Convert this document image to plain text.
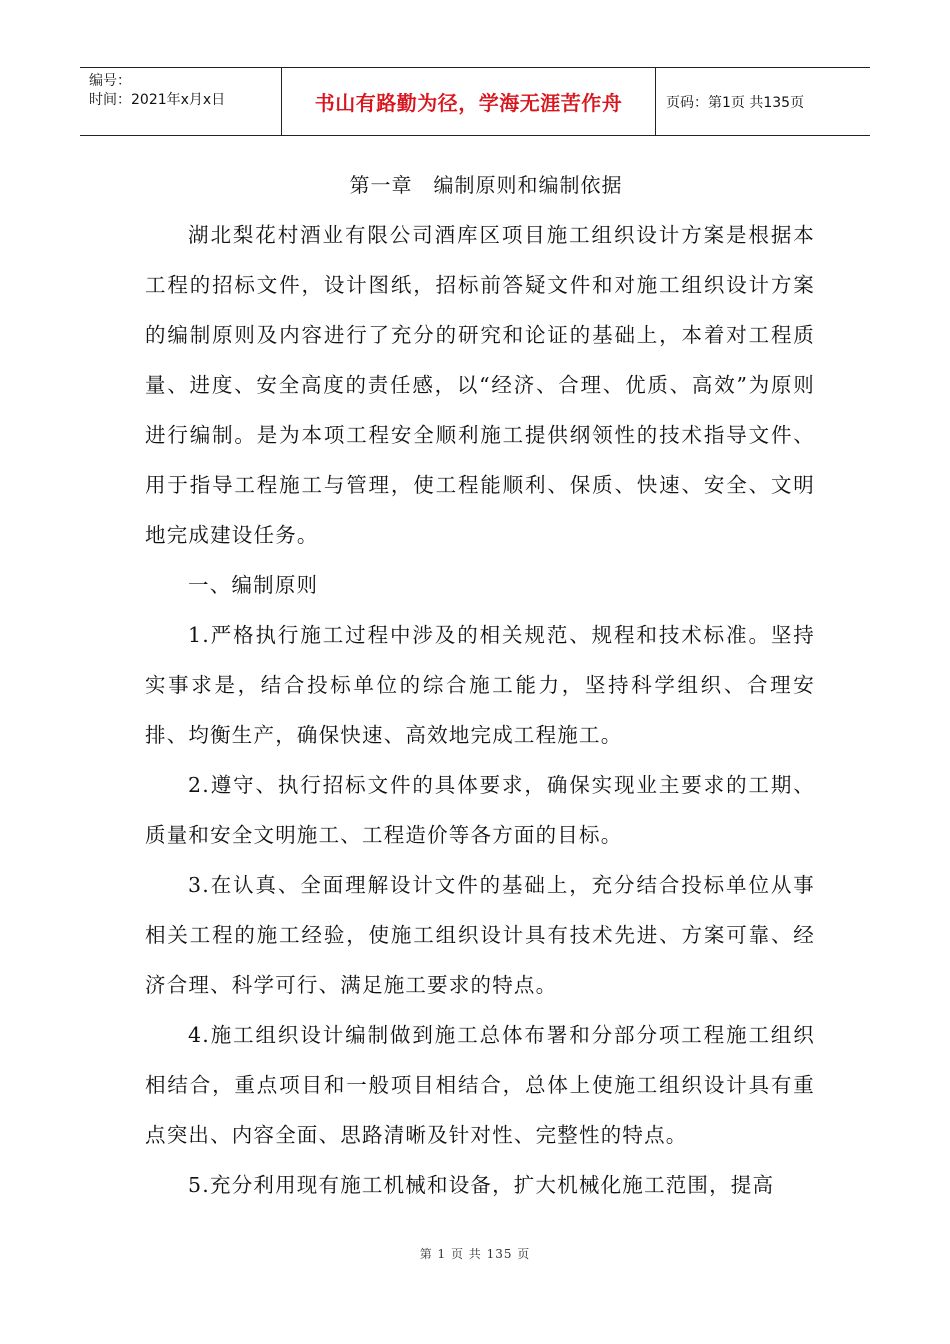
编号：
时间：2021年x月x日	书山有路勤为径，学海无涯苦作舟	页码：第1页 共135页

第一章　编制原则和编制依据

湖北梨花村酒业有限公司酒库区项目施工组织设计方案是根据本工程的招标文件，设计图纸，招标前答疑文件和对施工组织设计方案的编制原则及内容进行了充分的研究和论证的基础上，本着对工程质量、进度、安全高度的责任感，以“经济、合理、优质、高效”为原则进行编制。是为本项工程安全顺利施工提供纲领性的技术指导文件、用于指导工程施工与管理，使工程能顺利、保质、快速、安全、文明地完成建设任务。

一、编制原则

1.严格执行施工过程中涉及的相关规范、规程和技术标准。坚持实事求是，结合投标单位的综合施工能力，坚持科学组织、合理安排、均衡生产，确保快速、高效地完成工程施工。

2.遵守、执行招标文件的具体要求，确保实现业主要求的工期、质量和安全文明施工、工程造价等各方面的目标。

3.在认真、全面理解设计文件的基础上，充分结合投标单位从事相关工程的施工经验，使施工组织设计具有技术先进、方案可靠、经济合理、科学可行、满足施工要求的特点。

4.施工组织设计编制做到施工总体布署和分部分项工程施工组织相结合，重点项目和一般项目相结合，总体上使施工组织设计具有重点突出、内容全面、思路清晰及针对性、完整性的特点。

5.充分利用现有施工机械和设备，扩大机械化施工范围，提高

第 1 页 共 135 页
